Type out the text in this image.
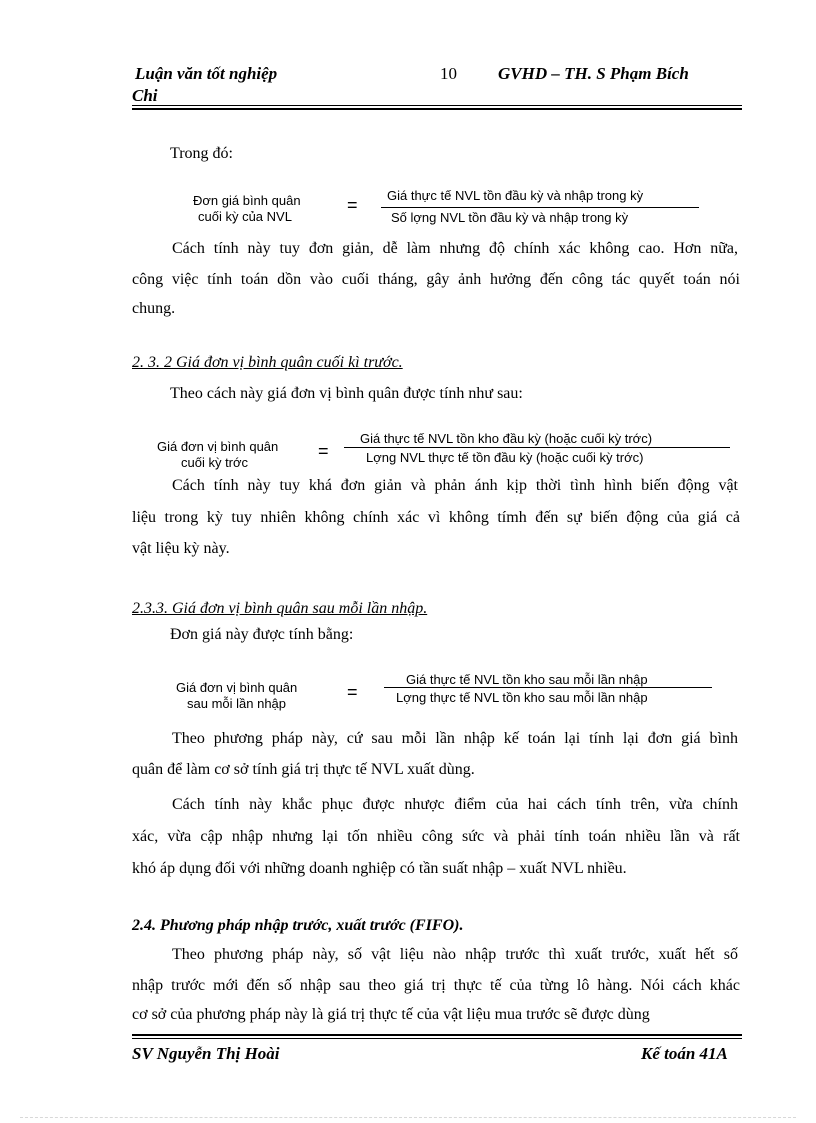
Luận văn tốt nghiệp	10 GVHD – TH. S Phạm Bích
Chi
Trong đó:
Đơn giá bình quân
cuối kỳ của NVL
= Giá thực tế NVL tồn đầu kỳ và nhập trong kỳ
Số lợng NVL tồn đầu kỳ và nhập trong kỳ
Cách tính này tuy đơn giản, dễ làm nhưng độ chính xác không cao. Hơn nữa,
công việc tính toán dồn vào cuối tháng, gây ảnh hưởng đến công tác quyết toán nói
chung.
2. 3. 2 Giá đơn vị bình quân cuối kì trước.
Theo cách này giá đơn vị bình quân được tính như sau:
Giá đơn vị bình quân
cuối kỳ trớc
=
Giá thực tế NVL tồn kho đầu kỳ (hoặc cuối kỳ trớc)
Lợng NVL thực tế tồn đầu kỳ (hoặc cuối kỳ trớc)
Cách tính này tuy khá đơn giản và phản ánh kịp thời tình hình biến động vật
liệu trong kỳ tuy nhiên không chính xác vì không tímh đến sự biến động của giá cả
vật liệu kỳ này.
2.3.3. Giá đơn vị bình quân sau mỗi lần nhập.
Đơn giá này được tính bằng:
Giá đơn vị bình quân
sau mỗi lần nhập
=
Giá thực tế NVL tồn kho sau mỗi lần nhập
Lợng thực tế NVL tồn kho sau mỗi lần nhập
Theo phương pháp này, cứ sau mỗi lần nhập kế toán lại tính lại đơn giá bình
quân để làm cơ sở tính giá trị thực tế NVL xuất dùng.
Cách tính này khắc phục được nhược điểm của hai cách tính trên, vừa chính
xác, vừa cập nhập nhưng lại tốn nhiều công sức và phải tính toán nhiều lần và rất
khó áp dụng đối với những doanh nghiệp có tần suất nhập – xuất NVL nhiều.
2.4. Phương pháp nhập trước, xuất trước (FIFO).
Theo phương pháp này, số vật liệu nào nhập trước thì xuất trước, xuất hết số
nhập trước mới đến số nhập sau theo giá trị thực tế của từng lô hàng. Nói cách khác
cơ sở của phương pháp này là giá trị thực tế của vật liệu mua trước sẽ được dùng
SV Nguyễn Thị Hoài	Kế toán 41A
